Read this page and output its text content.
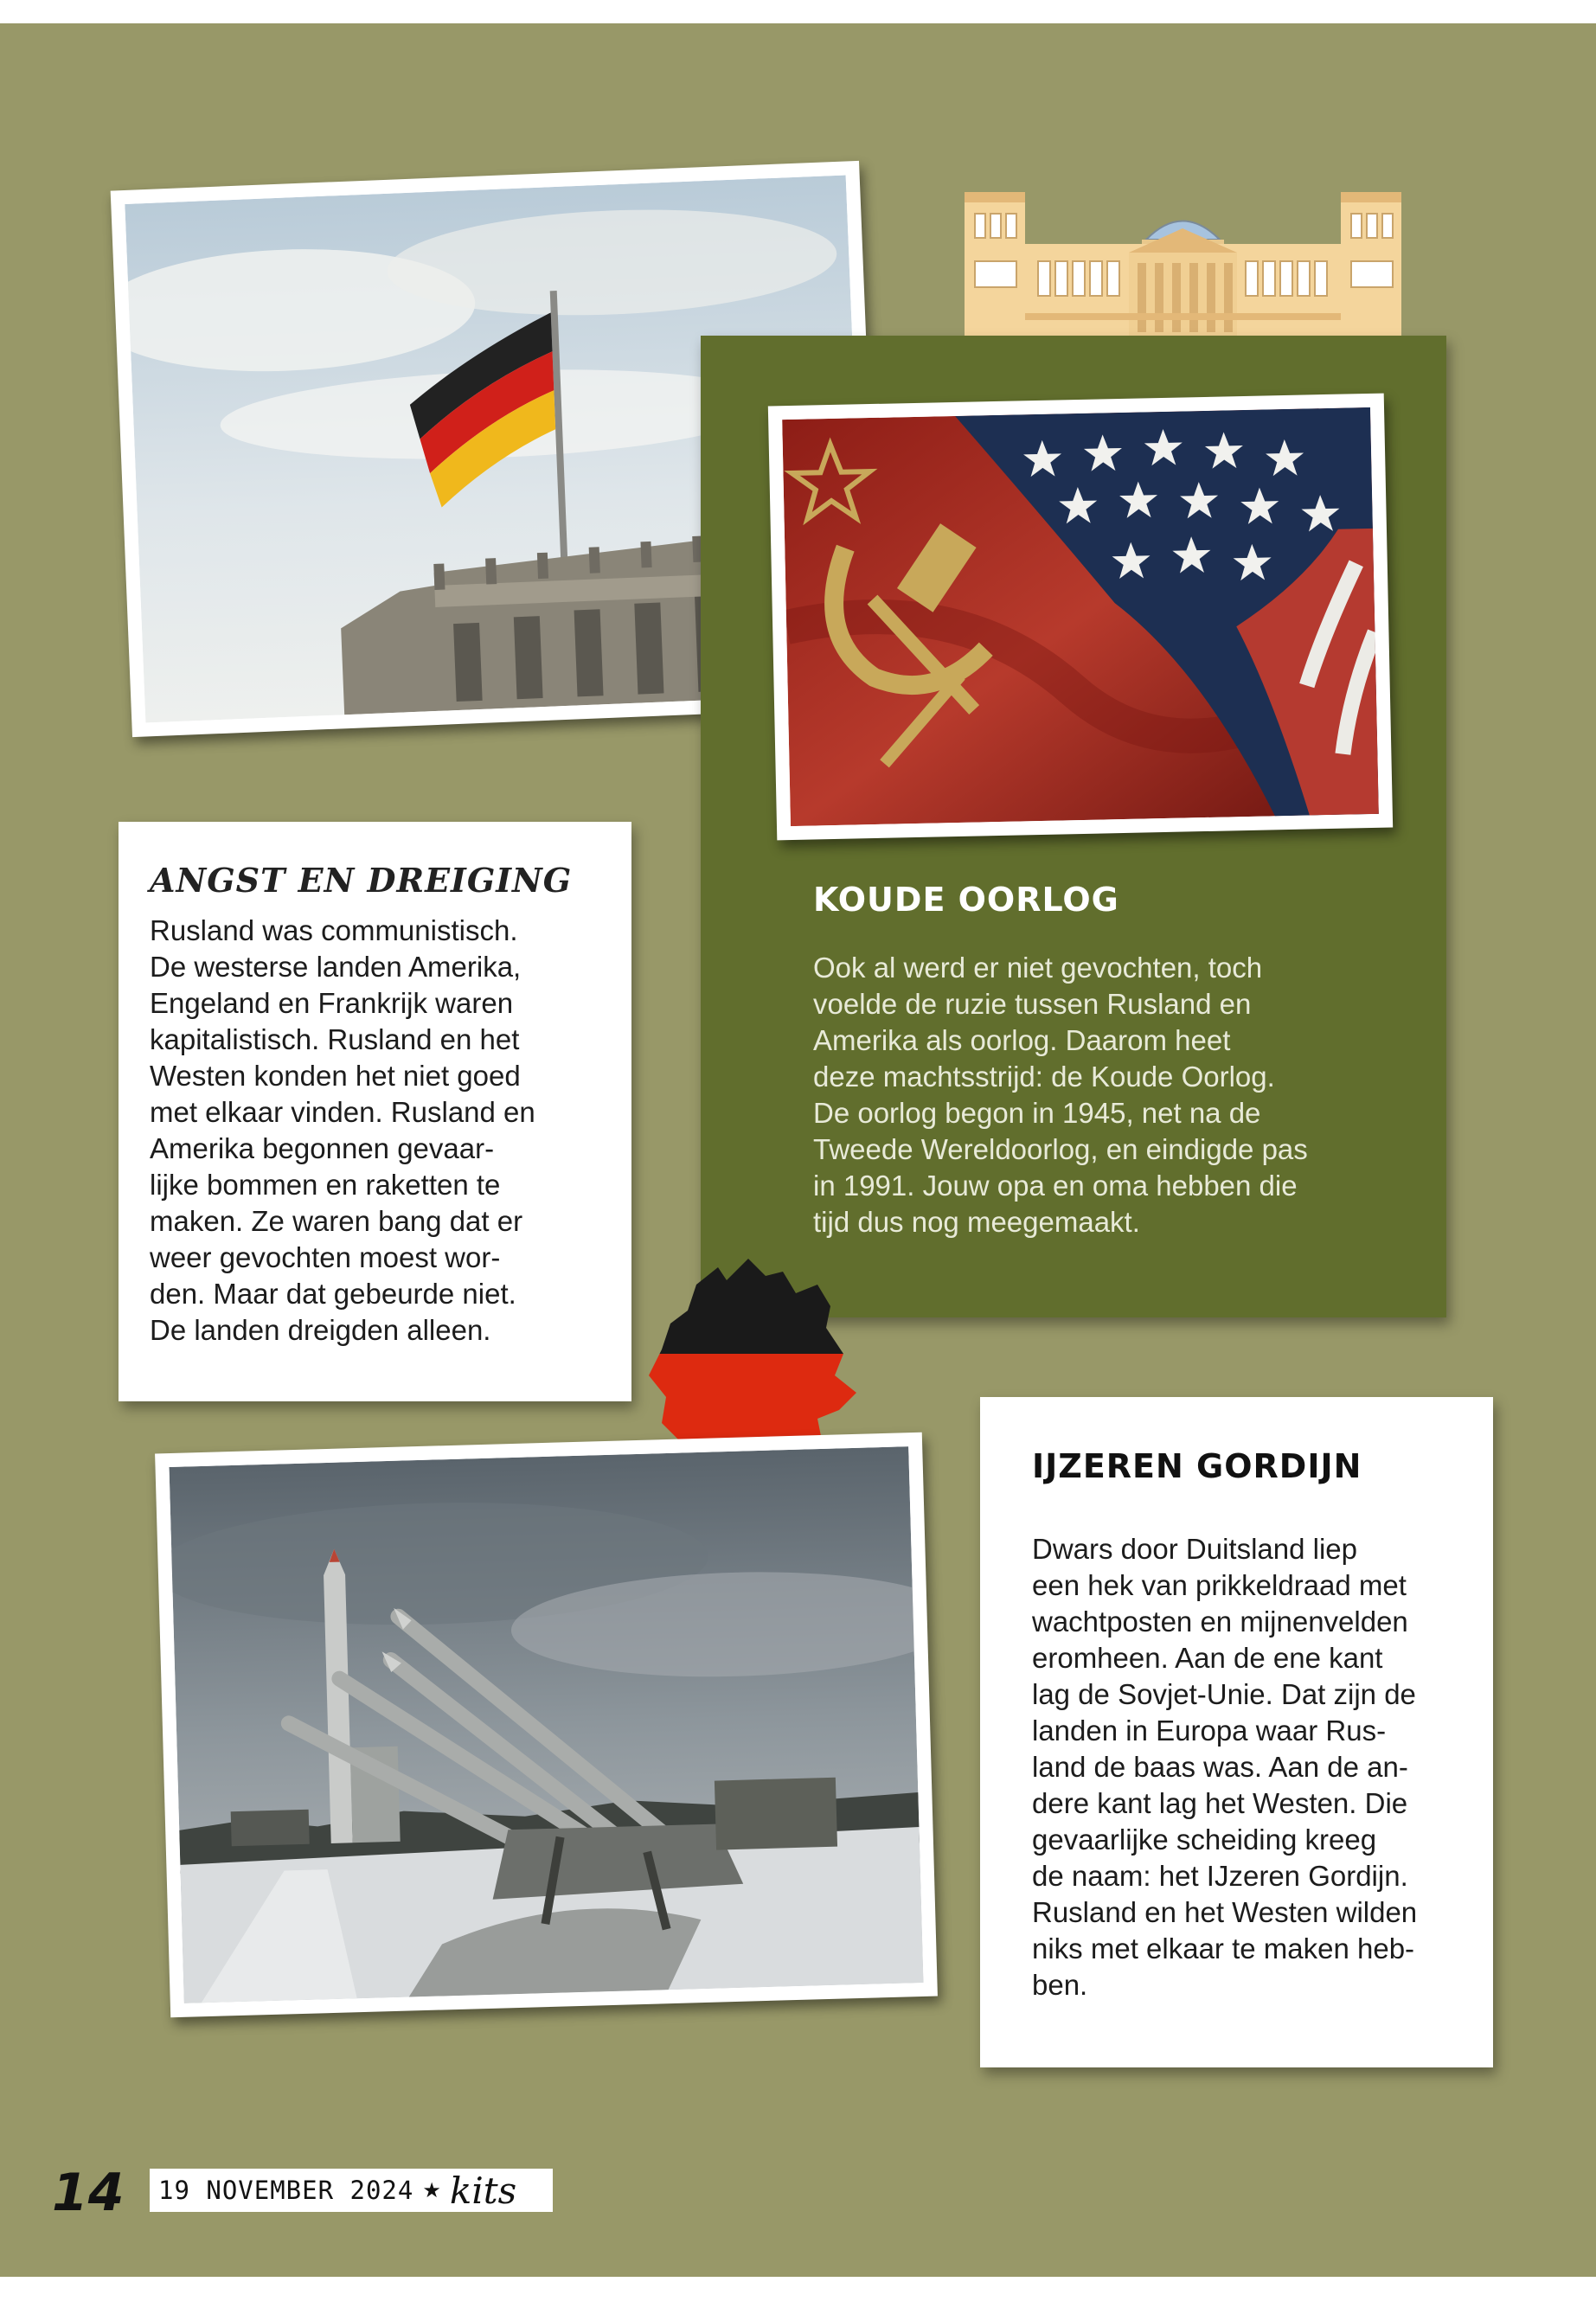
KOUDE OORLOG

Ook al werd er niet gevochten, toch
voelde de ruzie tussen Rusland en
Amerika als oorlog. Daarom heet
deze machtsstrijd: de Koude Oorlog.
De oorlog begon in 1945, net na de
Tweede Wereldoorlog, en eindigde pas
in 1991. Jouw opa en oma hebben die
tijd dus nog meegemaakt.

ANGST EN DREIGING

Rusland was communistisch.
De westerse landen Amerika,
Engeland en Frankrijk waren
kapitalistisch. Rusland en het
Westen konden het niet goed
met elkaar vinden. Rusland en
Amerika begonnen gevaar-
lijke bommen en raketten te
maken. Ze waren bang dat er
weer gevochten moest wor-
den. Maar dat gebeurde niet.
De landen dreigden alleen.

IJZEREN GORDIJN

Dwars door Duitsland liep
een hek van prikkeldraad met
wachtposten en mijnenvelden
eromheen. Aan de ene kant
lag de Sovjet-Unie. Dat zijn de
landen in Europa waar Rus-
land de baas was. Aan de an-
dere kant lag het Westen. Die
gevaarlijke scheiding kreeg
de naam: het IJzeren Gordijn.
Rusland en het Westen wilden
niks met elkaar te maken heb-
ben.

14 19 NOVEMBER 2024 ★ kits
